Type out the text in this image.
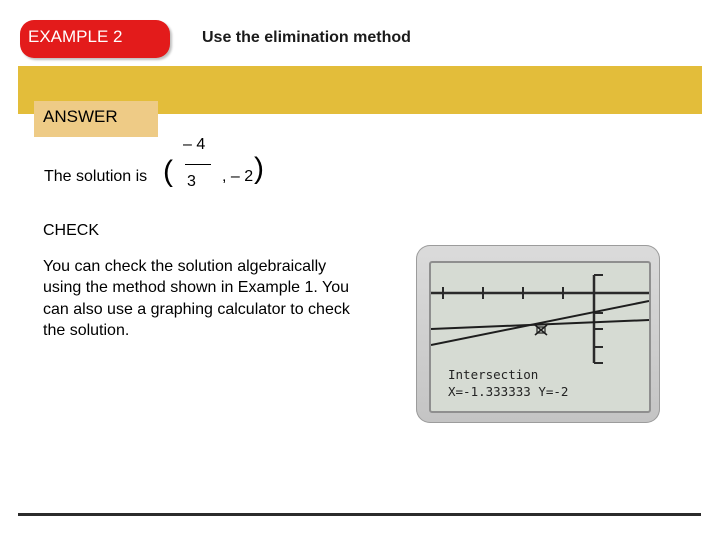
EXAMPLE 2	Use the elimination method
ANSWER
The solution is (
– 4
3 , – 2 )
CHECK
You can check the solution algebraically
using the method shown in Example 1. You
can also use a graphing calculator to check
the solution.
Intersection
X=-1.333333 Y=-2
